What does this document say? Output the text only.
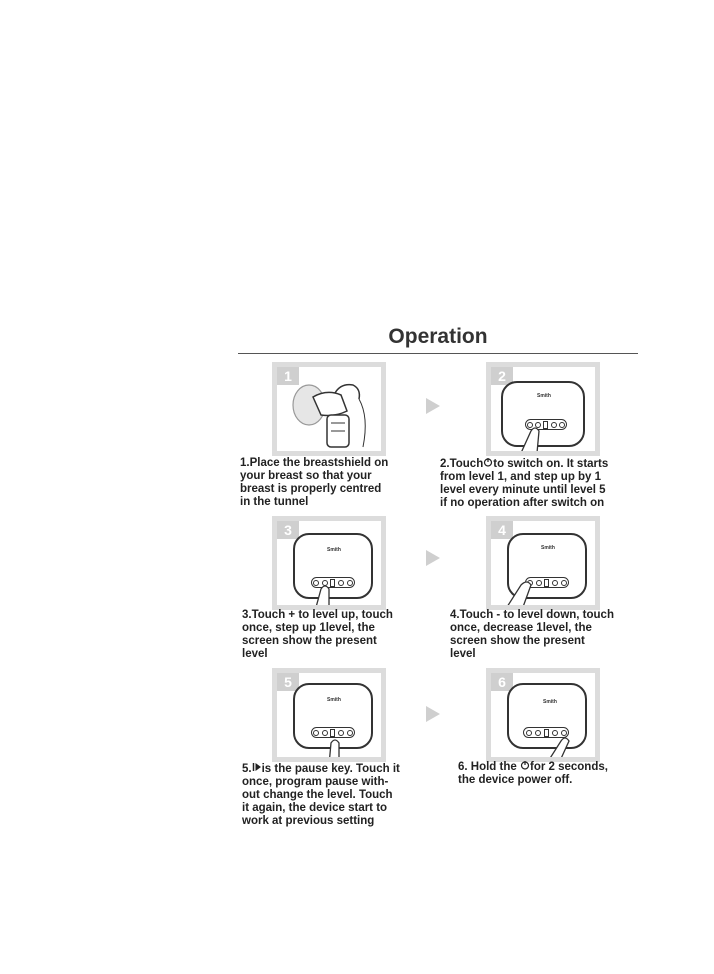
Operation
1	2
Smith
3
Smith
4
Smith
5
Smith
6
Smith
1.Place the breastshield on
your breast so that your
breast is properly centred
in the tunnel
2.Touch to switch on. It starts
from level 1, and step up by 1
level every minute until level 5
if no operation after switch on
3.Touch + to level up, touch
once, step up 1level, the
screen show the present
level
4.Touch - to level down, touch
once, decrease 1level, the
screen show the present
level
5. is the pause key. Touch it
once, program pause with-
out change the level. Touch
it again, the device start to
work at previous setting
6. Hold the for 2 seconds,
the device power off.
